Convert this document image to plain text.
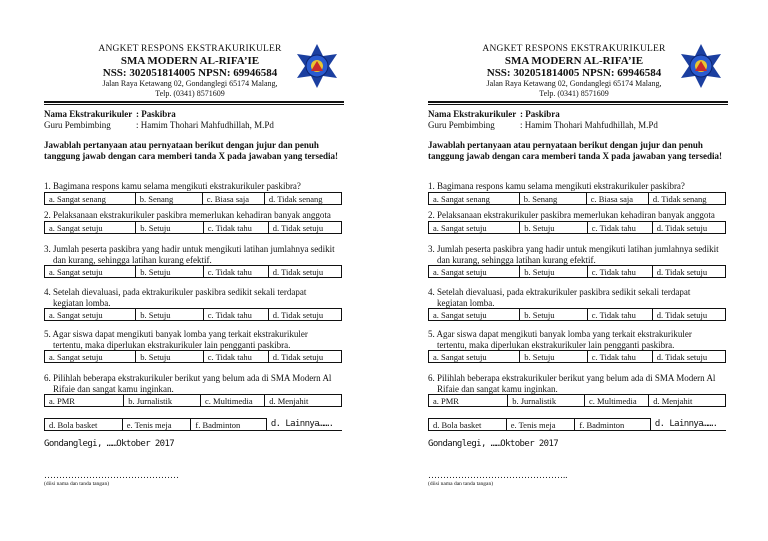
ANGKET RESPONS EKSTRAKURIKULER
SMA MODERN AL-RIFA’IE
NSS: 302051814005 NPSN: 69946584
Jalan Raya Ketawang 02, Gondanglegi 65174 Malang,
Telp. (0341) 8571609
Nama Ekstrakurikuler : Paskibra
Guru Pembimbing	: Hamim Thohari Mahfudhillah, M.Pd
Jawablah pertanyaan atau pernyataan berikut dengan jujur dan penuh tanggung jawab dengan cara memberi tanda X pada jawaban yang tersedia!
1. Bagimana respons kamu selama mengikuti ekstrakurikuler paskibra?
a. Sangat senang	b. Senang	c. Biasa saja	d. Tidak senang
2. Pelaksanaan ekstrakurikuler paskibra memerlukan kehadiran banyak anggota
a. Sangat setuju	b. Setuju	c. Tidak tahu	d. Tidak setuju
3. Jumlah peserta paskibra yang hadir untuk mengikuti latihan jumlahnya sedikit
dan kurang, sehingga latihan kurang efektif.
a. Sangat setuju	b. Setuju	c. Tidak tahu	d. Tidak setuju
4. Setelah dievaluasi, pada ektrakurikuler paskibra sedikit sekali terdapat
kegiatan lomba.
a. Sangat setuju	b. Setuju	c. Tidak tahu	d. Tidak setuju
5. Agar siswa dapat mengikuti banyak lomba yang terkait ekstrakurikuler
tertentu, maka diperlukan ekstrakurikuler lain pengganti paskibra.
a. Sangat setuju	b. Setuju	c. Tidak tahu	d. Tidak setuju
6. Pilihlah beberapa ekstrakurikuler berikut yang belum ada di SMA Modern Al
Rifaie dan sangat kamu inginkan.
a. PMR	b. Jurnalistik	c. Multimedia	d. Menjahit
d. Bola basket	e. Tenis meja	f. Badminton	d. Lainnya…….
Gondanglegi, ……Oktober 2017
………………………………………
(diisi nama dan tanda tangan)
ANGKET RESPONS EKSTRAKURIKULER
SMA MODERN AL-RIFA’IE
NSS: 302051814005 NPSN: 69946584
Jalan Raya Ketawang 02, Gondanglegi 65174 Malang,
Telp. (0341) 8571609
Nama Ekstrakurikuler : Paskibra
Guru Pembimbing	: Hamim Thohari Mahfudhillah, M.Pd
Jawablah pertanyaan atau pernyataan berikut dengan jujur dan penuh tanggung jawab dengan cara memberi tanda X pada jawaban yang tersedia!
1. Bagimana respons kamu selama mengikuti ekstrakurikuler paskibra?
a. Sangat senang	b. Senang	c. Biasa saja	d. Tidak senang
2. Pelaksanaan ekstrakurikuler paskibra memerlukan kehadiran banyak anggota
a. Sangat setuju	b. Setuju	c. Tidak tahu	d. Tidak setuju
3. Jumlah peserta paskibra yang hadir untuk mengikuti latihan jumlahnya sedikit
dan kurang, sehingga latihan kurang efektif.
a. Sangat setuju	b. Setuju	c. Tidak tahu	d. Tidak setuju
4. Setelah dievaluasi, pada ektrakurikuler paskibra sedikit sekali terdapat
kegiatan lomba.
a. Sangat setuju	b. Setuju	c. Tidak tahu	d. Tidak setuju
5. Agar siswa dapat mengikuti banyak lomba yang terkait ekstrakurikuler
tertentu, maka diperlukan ekstrakurikuler lain pengganti paskibra.
a. Sangat setuju	b. Setuju	c. Tidak tahu	d. Tidak setuju
6. Pilihlah beberapa ekstrakurikuler berikut yang belum ada di SMA Modern Al
Rifaie dan sangat kamu inginkan.
a. PMR	b. Jurnalistik	c. Multimedia	d. Menjahit
d. Bola basket	e. Tenis meja	f. Badminton	d. Lainnya…….
Gondanglegi, ……Oktober 2017
………………………………………..
(diisi nama dan tanda tangan)
